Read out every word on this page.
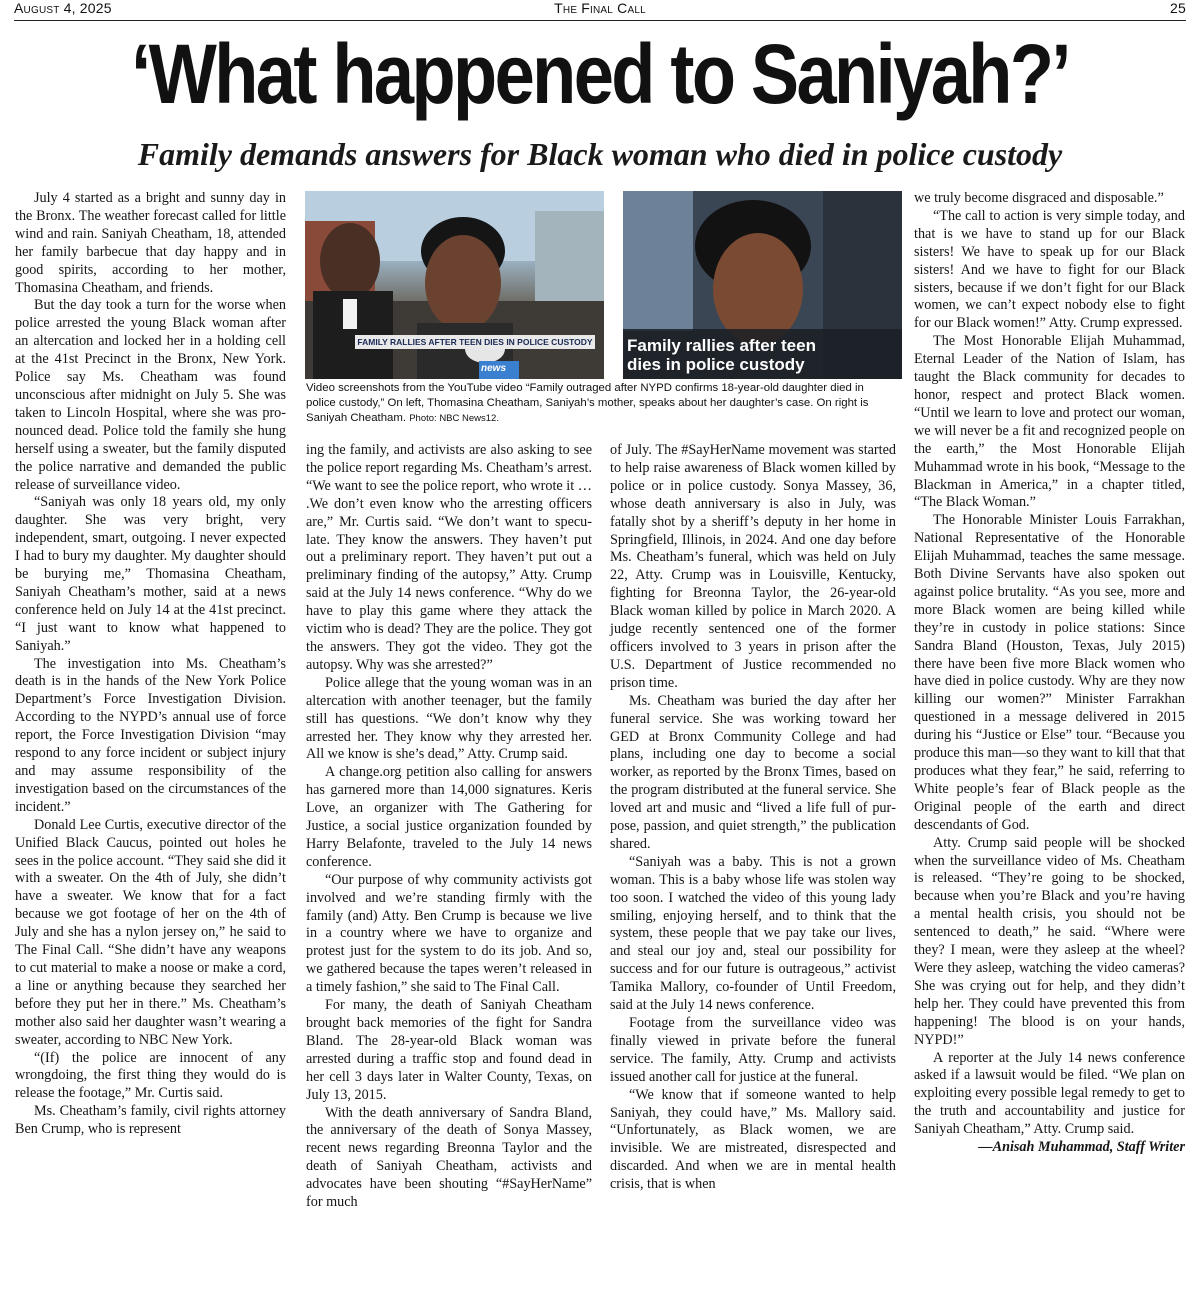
August 4, 2025	The Final Call	25
‘What happened to Saniyah?’
Family demands answers for Black woman who died in police custody

July 4 started as a bright and sunny day in the Bronx. The weather forecast called for little wind and rain. Saniyah Cheatham, 18, attended her family barbecue that day happy and in good spirits, according to her mother, Thomasina Cheatham, and friends.

But the day took a turn for the worse when police arrested the young Black woman after an altercation and locked her in a holding cell at the 41st Precinct in the Bronx, New York. Police say Ms. Cheatham was found unconscious after midnight on July 5. She was taken to Lincoln Hospital, where she was pronounced dead. Police told the family she hung herself using a sweater, but the family disputed the police narrative and demanded the public release of surveillance video.

“Saniyah was only 18 years old, my only daughter. She was very bright, very independent, smart, outgoing. I never expected I had to bury my daughter. My daughter should be burying me,” Thomasina Cheatham, Saniyah Cheatham’s mother, said at a news conference held on July 14 at the 41st precinct. “I just want to know what happened to Saniyah.”

The investigation into Ms. Cheatham’s death is in the hands of the New York Police Department’s Force Investigation Division. According to the NYPD’s annual use of force report, the Force Investigation Division “may respond to any force incident or subject injury and may assume responsibility of the investigation based on the circumstances of the incident.”

Donald Lee Curtis, executive director of the Unified Black Caucus, pointed out holes he sees in the police account. “They said she did it with a sweater. On the 4th of July, she didn’t have a sweater. We know that for a fact because we got footage of her on the 4th of July and she has a nylon jersey on,” he said to The Final Call. “She didn’t have any weapons to cut material to make a noose or make a cord, a line or anything because they searched her before they put her in there.” Ms. Cheatham’s mother also said her daughter wasn’t wearing a sweater, according to NBC New York.

“(If) the police are innocent of any wrongdoing, the first thing they would do is release the footage,” Mr. Curtis said.

Ms. Cheatham’s family, civil rights attorney Ben Crump, who is represent

FAMILY RALLIES AFTER TEEN DIES IN POLICE CUSTODY
news
Family rallies after teen
dies in police custody
Video screenshots from the YouTube video “Family outraged after NYPD confirms 18-year-old daughter died in police custody,” On left, Thomasina Cheatham, Saniyah’s mother, speaks about her daughter’s case. On right is Saniyah Cheatham. Photo: NBC News12.

ing the family, and activists are also asking to see the police report regarding Ms. Cheatham’s arrest. “We want to see the police report, who wrote it … .We don’t even know who the arresting officers are,” Mr. Curtis said. “We don’t want to speculate. They know the answers. They haven’t put out a preliminary report. They haven’t put out a preliminary finding of the autopsy,” Atty. Crump said at the July 14 news conference. “Why do we have to play this game where they attack the victim who is dead? They are the police. They got the answers. They got the video. They got the autopsy. Why was she arrested?”

Police allege that the young woman was in an altercation with another teenager, but the family still has questions. “We don’t know why they arrested her. They know why they arrested her. All we know is she’s dead,” Atty. Crump said.

A change.org petition also calling for answers has garnered more than 14,000 signatures. Keris Love, an organizer with The Gathering for Justice, a social justice organization founded by Harry Belafonte, traveled to the July 14 news conference.

“Our purpose of why community activists got involved and we’re standing firmly with the family (and) Atty. Ben Crump is because we live in a country where we have to organize and protest just for the system to do its job. And so, we gathered because the tapes weren’t released in a timely fashion,” she said to The Final Call.

For many, the death of Saniyah Cheatham brought back memories of the fight for Sandra Bland. The 28-year-old Black woman was arrested during a traffic stop and found dead in her cell 3 days later in Walter County, Texas, on July 13, 2015.

With the death anniversary of Sandra Bland, the anniversary of the death of Sonya Massey, recent news regarding Breonna Taylor and the death of Saniyah Cheatham, activists and advocates have been shouting “#SayHerName” for much

of July. The #SayHerName movement was started to help raise awareness of Black women killed by police or in police custody. Sonya Massey, 36, whose death anniversary is also in July, was fatally shot by a sheriff’s deputy in her home in Springfield, Illinois, in 2024. And one day before Ms. Cheatham’s funeral, which was held on July 22, Atty. Crump was in Louisville, Kentucky, fighting for Breonna Taylor, the 26-year-old Black woman killed by police in March 2020. A judge recently sentenced one of the former officers involved to 3 years in prison after the U.S. Department of Justice recommended no prison time.

Ms. Cheatham was buried the day after her funeral service. She was working toward her GED at Bronx Community College and had plans, including one day to become a social worker, as reported by the Bronx Times, based on the program distributed at the funeral service. She loved art and music and “lived a life full of purpose, passion, and quiet strength,” the publication shared.

“Saniyah was a baby. This is not a grown woman. This is a baby whose life was stolen way too soon. I watched the video of this young lady smiling, enjoying herself, and to think that the system, these people that we pay take our lives, and steal our joy and, steal our possibility for success and for our future is outrageous,” activist Tamika Mallory, co-founder of Until Freedom, said at the July 14 news conference.

Footage from the surveillance video was finally viewed in private before the funeral service. The family, Atty. Crump and activists issued another call for justice at the funeral.

“We know that if someone wanted to help Saniyah, they could have,” Ms. Mallory said. “Unfortunately, as Black women, we are invisible. We are mistreated, disrespected and discarded. And when we are in mental health crisis, that is when

we truly become disgraced and disposable.”

“The call to action is very simple today, and that is we have to stand up for our Black sisters! We have to speak up for our Black sisters! And we have to fight for our Black sisters, because if we don’t fight for our Black women, we can’t expect nobody else to fight for our Black women!” Atty. Crump expressed.

The Most Honorable Elijah Muhammad, Eternal Leader of the Nation of Islam, has taught the Black community for decades to honor, respect and protect Black women. “Until we learn to love and protect our woman, we will never be a fit and recognized people on the earth,” the Most Honorable Elijah Muhammad wrote in his book, “Message to the Blackman in America,” in a chapter titled, “The Black Woman.”

The Honorable Minister Louis Farrakhan, National Representative of the Honorable Elijah Muhammad, teaches the same message. Both Divine Servants have also spoken out against police brutality. “As you see, more and more Black women are being killed while they’re in custody in police stations: Since Sandra Bland (Houston, Texas, July 2015) there have been five more Black women who have died in police custody. Why are they now killing our women?” Minister Farrakhan questioned in a message delivered in 2015 during his “Justice or Else” tour. “Because you produce this man—so they want to kill that that produces what they fear,” he said, referring to White people’s fear of Black people as the Original people of the earth and direct descendants of God.

Atty. Crump said people will be shocked when the surveillance video of Ms. Cheatham is released. “They’re going to be shocked, because when you’re Black and you’re having a mental health crisis, you should not be sentenced to death,” he said. “Where were they? I mean, were they asleep at the wheel? Were they asleep, watching the video cameras? She was crying out for help, and they didn’t help her. They could have prevented this from happening! The blood is on your hands, NYPD!”

A reporter at the July 14 news conference asked if a lawsuit would be filed. “We plan on exploiting every possible legal remedy to get to the truth and accountability and justice for Saniyah Cheatham,” Atty. Crump said.

—Anisah Muhammad, Staff Writer
